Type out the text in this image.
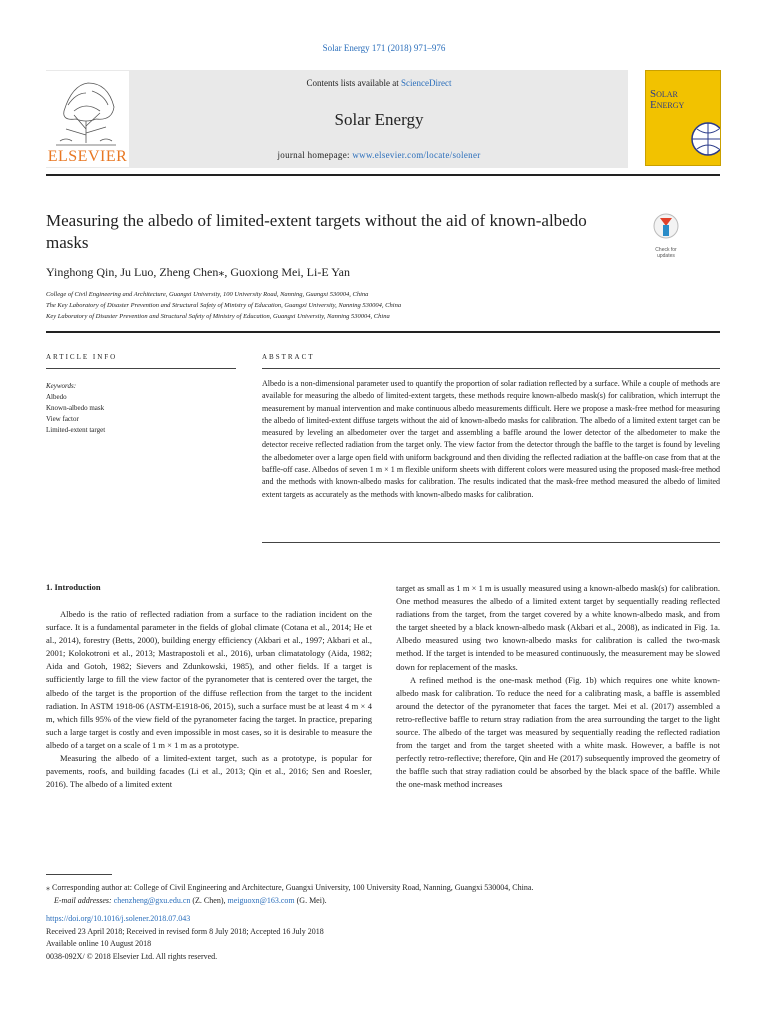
Solar Energy 171 (2018) 971–976
ELSEVIER
Contents lists available at ScienceDirect
Solar Energy
journal homepage: www.elsevier.com/locate/solener
Solar
Energy
Measuring the albedo of limited-extent targets without the aid of known-albedo masks	Check for updates
Yinghong Qin, Ju Luo, Zheng Chen⁎, Guoxiong Mei, Li-E Yan
College of Civil Engineering and Architecture, Guangxi University, 100 University Road, Nanning, Guangxi 530004, China
The Key Laboratory of Disaster Prevention and Structural Safety of Ministry of Education, Guangxi University, Nanning 530004, China
Key Laboratory of Disaster Prevention and Structural Safety of Ministry of Education, Guangxi University, Nanning 530004, China
ARTICLE INFO
Keywords:
Albedo
Known-albedo mask
View factor
Limited-extent target
ABSTRACT
Albedo is a non-dimensional parameter used to quantify the proportion of solar radiation reflected by a surface. While a couple of methods are available for measuring the albedo of limited-extent targets, these methods require known-albedo mask(s) for calibration, which interrupt the measurement by manual intervention and make continuous albedo measurements difficult. Here we propose a mask-free method for measuring the albedo of limited-extent diffuse targets without the aid of known-albedo masks for calibration. The albedo of a limited extent target can be measured by leveling an albedometer over the target and assembling a baffle around the lower detector of the albedometer to make the detector receive reflected radiation from the target only. The view factor from the detector through the baffle to the target is found by leveling the albedometer over a large open field with uniform background and then dividing the reflected radiation at the baffle-on case from that at the baffle-off case. Albedos of seven 1 m × 1 m flexible uniform sheets with different colors were measured using the proposed mask-free method and the methods with known-albedo masks for calibration. The results indicated that the mask-free method measured the albedo of limited extent targets as accurately as the methods with known-albedo masks for calibration.
1. Introduction

Albedo is the ratio of reflected radiation from a surface to the radiation incident on the surface. It is a fundamental parameter in the fields of global climate (Cotana et al., 2014; He et al., 2014), forestry (Betts, 2000), building energy efficiency (Akbari et al., 1997; Akbari et al., 2001; Kolokotroni et al., 2013; Mastrapostoli et al., 2016), urban climatatology (Aida, 1982; Aida and Gotoh, 1982; Sievers and Zdunkowski, 1985), and other fields. If a target is sufficiently large to fill the view factor of the pyranometer that is centered over the target, the albedo of the target is the proportion of the diffuse reflection from the target to the incident radiation. In ASTM 1918-06 (ASTM-E1918-06, 2015), such a surface must be at least 4 m × 4 m, which fills 95% of the view field of the pyranometer facing the target. In practice, preparing such a large target is costly and even impossible in most cases, so it is desirable to measure the albedo of a target on a scale of 1 m × 1 m as a prototype.

Measuring the albedo of a limited-extent target, such as a prototype, is popular for pavements, roofs, and building facades (Li et al., 2013; Qin et al., 2016; Sen and Roesler, 2016). The albedo of a limited extent

target as small as 1 m × 1 m is usually measured using a known-albedo mask(s) for calibration. One method measures the albedo of a limited extent target by sequentially reading reflected radiations from the target, from the target covered by a white known-albedo mask, and from the target sheeted by a black known-albedo mask (Akbari et al., 2008), as indicated in Fig. 1a. Albedo measured using two known-albedo masks for calibration is called the two-mask method. If the target is intended to be measured continuously, the measurement may be slowed down for replacement of the masks.

A refined method is the one-mask method (Fig. 1b) which requires one white known-albedo mask for calibration. To reduce the need for a calibrating mask, a baffle is assembled around the detector of the pyranometer that faces the target. Mei et al. (2017) assembled a retro-reflective baffle to return stray radiation from the area surrounding the target to the light source. The albedo of the target was measured by sequentially reading the reflected radiation from the target and from the target sheeted with a white mask. However, a baffle is not perfectly retro-reflective; therefore, Qin and He (2017) subsequently improved the geometry of the baffle such that stray radiation could be absorbed by the black space of the baffle. While the one-mask method increases

⁎ Corresponding author at: College of Civil Engineering and Architecture, Guangxi University, 100 University Road, Nanning, Guangxi 530004, China.
E-mail addresses: chenzheng@gxu.edu.cn (Z. Chen), meiguoxn@163.com (G. Mei).
https://doi.org/10.1016/j.solener.2018.07.043
Received 23 April 2018; Received in revised form 8 July 2018; Accepted 16 July 2018
Available online 10 August 2018
0038-092X/ © 2018 Elsevier Ltd. All rights reserved.
